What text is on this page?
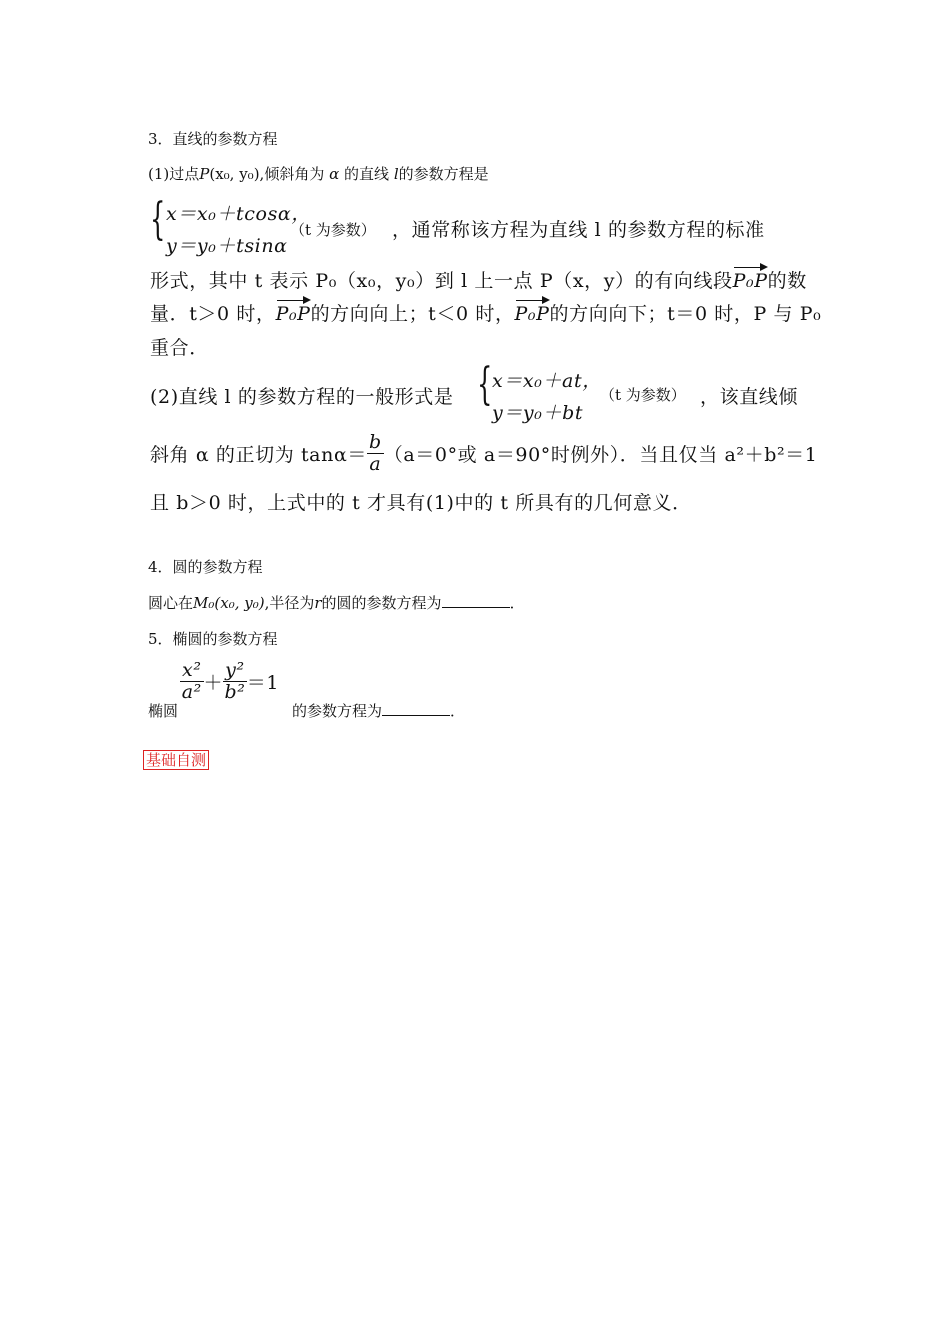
3．直线的参数方程
(1)过点P(x₀, y₀),倾斜角为 α 的直线 l的参数方程是
{ x＝x₀＋tcosα，
y＝y₀＋tsinα
（t 为参数） ，通常称该方程为直线 l 的参数方程的标准
形式，其中 t 表示 P₀（x₀，y₀）到 l 上一点 P（x，y）的有向线段P₀P的数
量．t＞0 时，P₀P的方向向上；t＜0 时，P₀P的方向向下；t＝0 时，P 与 P₀
重合．
(2)直线 l 的参数方程的一般形式是 { x＝x₀＋at，
y＝y₀＋bt
（t 为参数） ，该直线倾
斜角 α 的正切为 $\tan\alpha= \frac{b}{a} (a=0^\circ$或 a＝90°时例外）．当且仅当 a²＋b²＝1
且 b＞0 时，上式中的 t 才具有(1)中的 t 所具有的几何意义．
4．圆的参数方程
圆心在M₀(x₀, y₀),半径为r的圆的参数方程为	．
5．椭圆的参数方程
椭圆
$\frac{\text{x²}}{\text{a²}} + \frac{\text{y²}}{\text{b²}} =1$
的参数方程为	．
基础自测
